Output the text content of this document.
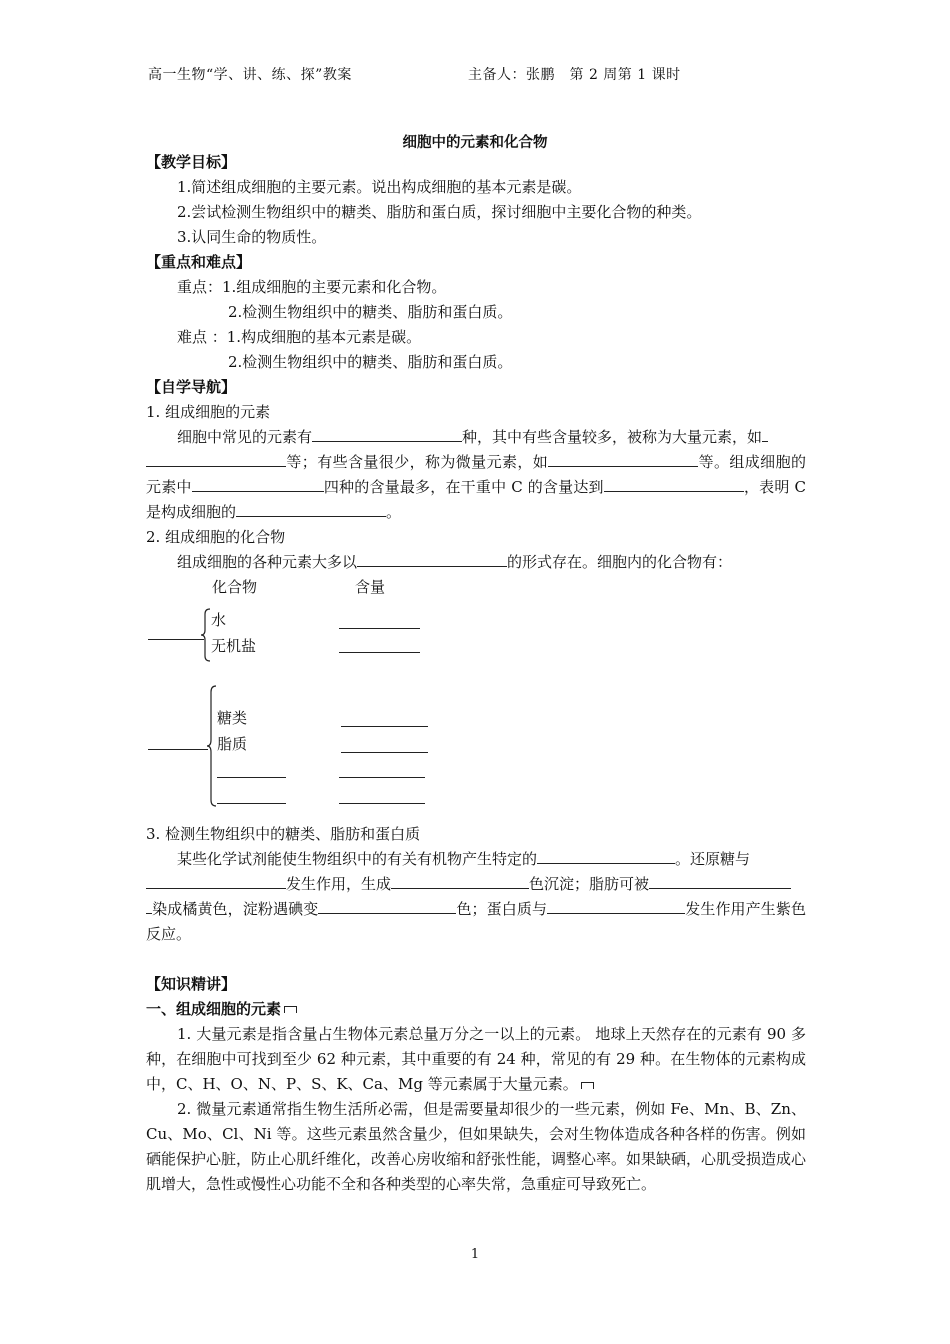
高一生物“学、讲、练、探”教案	主备人：张鹏　第 2 周第 1 课时
细胞中的元素和化合物
【教学目标】
1.简述组成细胞的主要元素。说出构成细胞的基本元素是碳。
2.尝试检测生物组织中的糖类、脂肪和蛋白质，探讨细胞中主要化合物的种类。
3.认同生命的物质性。
【重点和难点】
重点：1.组成细胞的主要元素和化合物。
2.检测生物组织中的糖类、脂肪和蛋白质。
难点 ：1.构成细胞的基本元素是碳。
2.检测生物组织中的糖类、脂肪和蛋白质。
【自学导航】
1. 组成细胞的元素
细胞中常见的元素有	种，其中有些含量较多，被称为大量元素，如
等；有些含量很少，称为微量元素，如	等。组成细胞的元素中	四种的含量最多，在干重中 C 的含量达到	，表明 C 是构成细胞的	。
2. 组成细胞的化合物
组成细胞的各种元素大多以	的形式存在。细胞内的化合物有：
化合物	含量
水
无机盐
糖类
脂质
3. 检测生物组织中的糖类、脂肪和蛋白质
某些化学试剂能使生物组织中的有关有机物产生特定的	。还原糖与
发生作用，生成	色沉淀；脂肪可被
染成橘黄色，淀粉遇碘变	色；蛋白质与	发生作用产生紫色反应。
【知识精讲】
一、组成细胞的元素
1. 大量元素是指含量占生物体元素总量万分之一以上的元素。 地球上天然存在的元素有 90 多种，在细胞中可找到至少 62 种元素，其中重要的有 24 种，常见的有 29 种。在生物体的元素构成中，C、H、O、N、P、S、K、Ca、Mg 等元素属于大量元素。
2. 微量元素通常指生物生活所必需，但是需要量却很少的一些元素，例如 Fe、Mn、B、Zn、Cu、Mo、Cl、Ni 等。这些元素虽然含量少，但如果缺失，会对生物体造成各种各样的伤害。例如硒能保护心脏，防止心肌纤维化，改善心房收缩和舒张性能，调整心率。如果缺硒，心肌受损造成心肌增大，急性或慢性心功能不全和各种类型的心率失常，急重症可导致死亡。
1
